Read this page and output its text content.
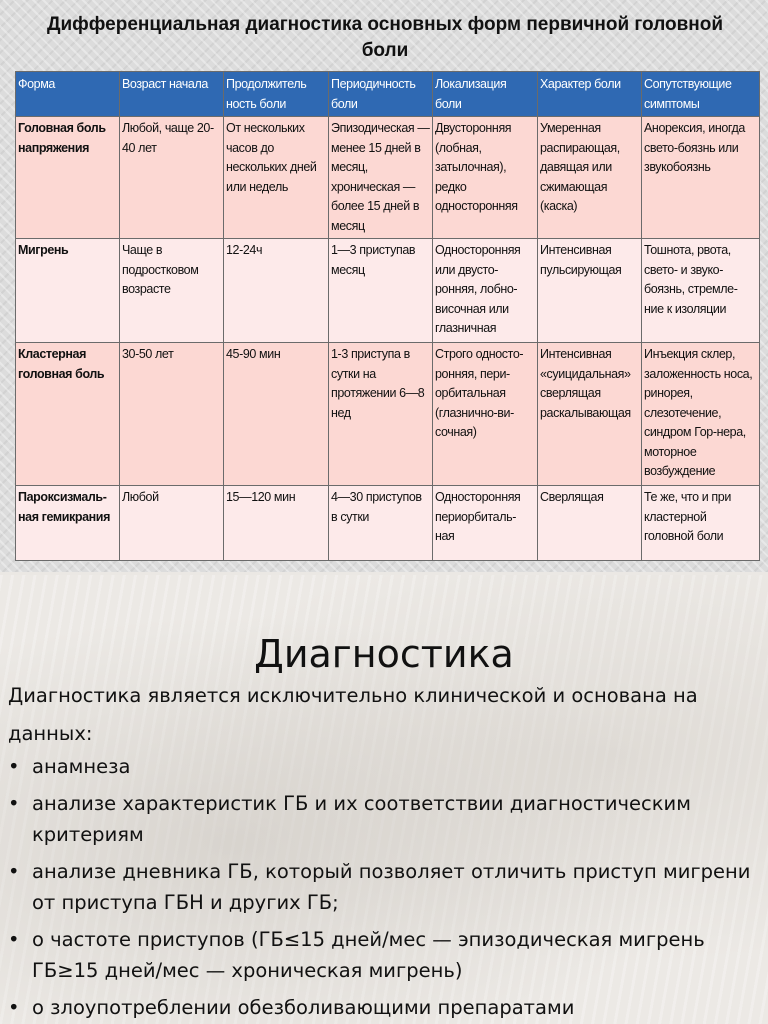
Дифференциальная диагностика основных форм первичной головной боли
Форма	Возраст начала	Продолжитель ность боли	Периодичность боли	Локализация боли	Характер боли	Сопутствующие симптомы
Головная боль напряжения	Любой, чаще 20-40 лет	От нескольких часов до нескольких дней или недель	Эпизодическая — менее 15 дней в месяц, хроническая — более 15 дней в месяц	Двусторонняя (лобная, затылочная), редко односторонняя	Умеренная распирающая, давящая или сжимающая (каска)	Анорексия, иногда свето-боязнь или звукобоязнь
Мигрень	Чаще в подростковом возрасте	12-24ч	1—3 приступав месяц	Односторонняя или двусто-ронняя, лобно-височная или глазничная	Интенсивная пульсирующая	Тошнота, рвота, свето- и звуко-боязнь, стремле-ние к изоляции
Кластерная головная боль	30-50 лет	45-90 мин	1-3 приступа в сутки на протяжении 6—8 нед	Строго односто-ронняя, пери-орбитальная (глазнично-ви-сочная)	Интенсивная «суицидальная» сверлящая раскалывающая	Инъекция склер, заложенность носа, ринорея, слезотечение, синдром Гор-нера, моторное возбуждение
Пароксизмаль-ная гемикрания	Любой	15—120 мин	4—30 приступов в сутки	Односторонняя периорбиталь-ная	Сверлящая	Те же, что и при кластерной головной боли
Диагностика
Диагностика является исключительно клинической и основана на данных:
• анамнеза
• анализе характеристик ГБ и их соответствии диагностическим критериям
• анализе дневника ГБ, который позволяет отличить приступ мигрени от приступа ГБН и других ГБ;
• о частоте приступов (ГБ≤15 дней/мес — эпизодическая мигрень ГБ≥15 дней/мес — хроническая мигрень)
• о злоупотреблении обезболивающими препаратами
